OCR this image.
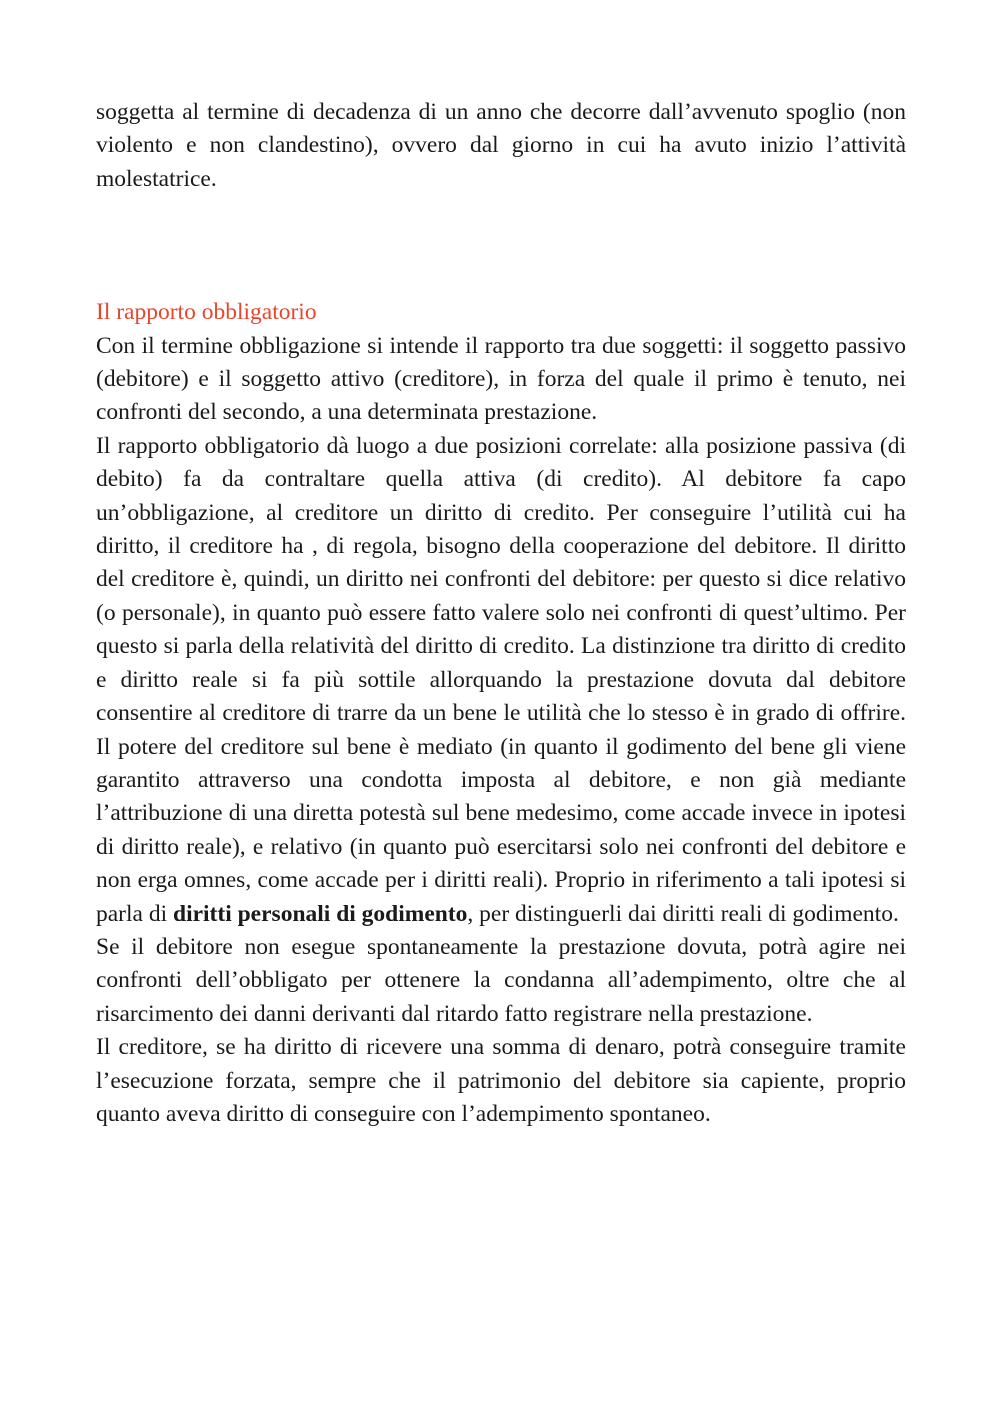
soggetta al termine di decadenza di un anno che decorre dall’avvenuto spoglio (non violento e non clandestino), ovvero dal giorno in cui ha avuto inizio l’attività molestatrice.

Il rapporto obbligatorio

Con il termine obbligazione si intende il rapporto tra due soggetti: il soggetto passivo (debitore) e il soggetto attivo (creditore), in forza del quale il primo è tenuto, nei confronti del secondo, a una determinata prestazione.

Il rapporto obbligatorio dà luogo a due posizioni correlate: alla posizione passiva (di debito) fa da contraltare quella attiva (di credito). Al debitore fa capo un’obbligazione, al creditore un diritto di credito. Per conseguire l’utilità cui ha diritto, il creditore ha , di regola, bisogno della cooperazione del debitore. Il diritto del creditore è, quindi, un diritto nei confronti del debitore: per questo si dice relativo (o personale), in quanto può essere fatto valere solo nei confronti di quest’ultimo. Per questo si parla della relatività del diritto di credito. La distinzione tra diritto di credito e diritto reale si fa più sottile allorquando la prestazione dovuta dal debitore consentire al creditore di trarre da un bene le utilità che lo stesso è in grado di offrire. Il potere del creditore sul bene è mediato (in quanto il godimento del bene gli viene garantito attraverso una condotta imposta al debitore, e non già mediante l’attribuzione di una diretta potestà sul bene medesimo, come accade invece in ipotesi di diritto reale), e relativo (in quanto può esercitarsi solo nei confronti del debitore e non erga omnes, come accade per i diritti reali). Proprio in riferimento a tali ipotesi si parla di diritti personali di godimento, per distinguerli dai diritti reali di godimento.

Se il debitore non esegue spontaneamente la prestazione dovuta, potrà agire nei confronti dell’obbligato per ottenere la condanna all’adempimento, oltre che al risarcimento dei danni derivanti dal ritardo fatto registrare nella prestazione.

Il creditore, se ha diritto di ricevere una somma di denaro, potrà conseguire tramite l’esecuzione forzata, sempre che il patrimonio del debitore sia capiente, proprio quanto aveva diritto di conseguire con l’adempimento spontaneo.
